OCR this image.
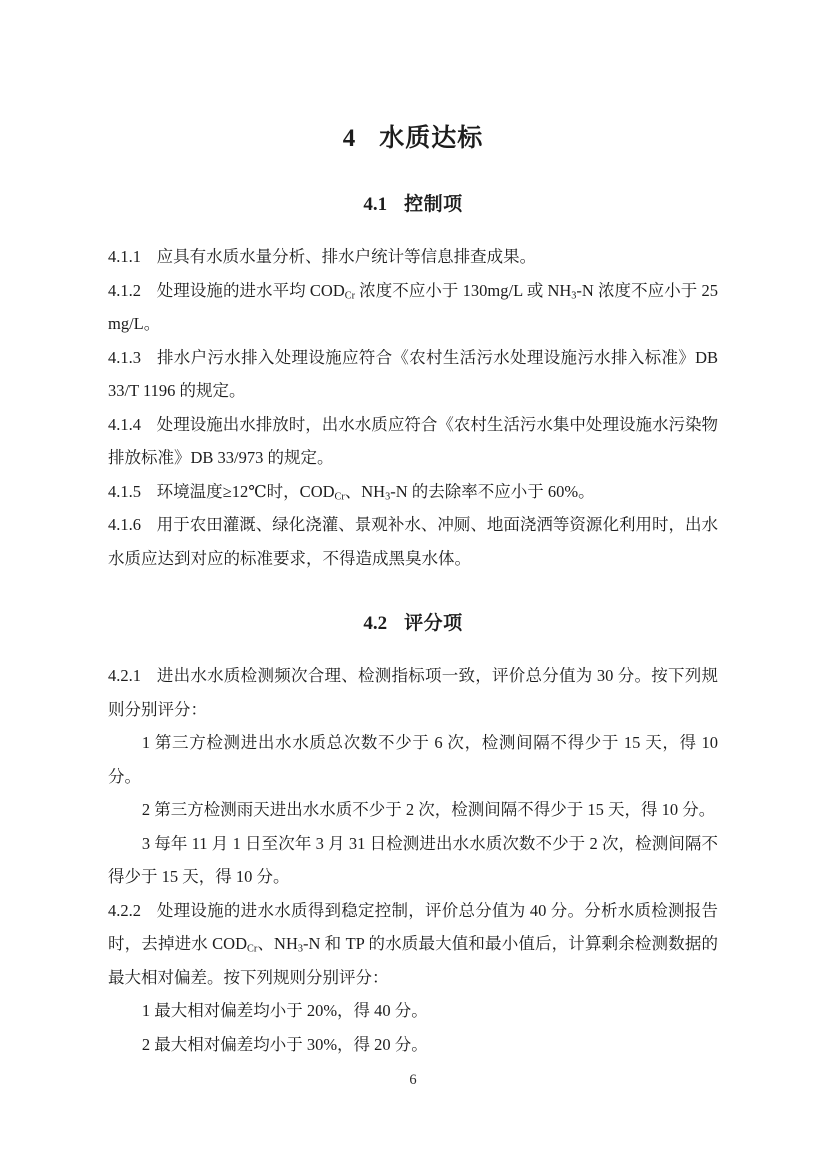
4 水质达标
4.1 控制项

4.1.1 应具有水质水量分析、排水户统计等信息排查成果。

4.1.2 处理设施的进水平均 $COD_{Cr}$ 浓度不应小于 130mg/L 或 $NH_3-N$ 浓度不应小于 25mg/L。

4.1.3 排水户污水排入处理设施应符合《农村生活污水处理设施污水排入标准》DB 33/T 1196 的规定。

4.1.4 处理设施出水排放时，出水水质应符合《农村生活污水集中处理设施水污染物排放标准》DB 33/973 的规定。

4.1.5 环境温度≥12℃时，$COD_{Cr}$、$NH_3-N$ 的去除率不应小于 60%。

4.1.6 用于农田灌溉、绿化浇灌、景观补水、冲厕、地面浇洒等资源化利用时，出水水质应达到对应的标准要求，不得造成黑臭水体。

4.2 评分项

4.2.1 进出水水质检测频次合理、检测指标项一致，评价总分值为 30 分。按下列规则分别评分：

1 第三方检测进出水水质总次数不少于 6 次，检测间隔不得少于 15 天，得 10 分。

2 第三方检测雨天进出水水质不少于 2 次，检测间隔不得少于 15 天，得 10 分。

3 每年 11 月 1 日至次年 3 月 31 日检测进出水水质次数不少于 2 次，检测间隔不得少于 15 天，得 10 分。

4.2.2 处理设施的进水水质得到稳定控制，评价总分值为 40 分。分析水质检测报告时，去掉进水 $COD_{Cr}$、$NH_3-N$ 和 TP 的水质最大值和最小值后，计算剩余检测数据的最大相对偏差。按下列规则分别评分：

1 最大相对偏差均小于 20%，得 40 分。

2 最大相对偏差均小于 30%，得 20 分。

6
